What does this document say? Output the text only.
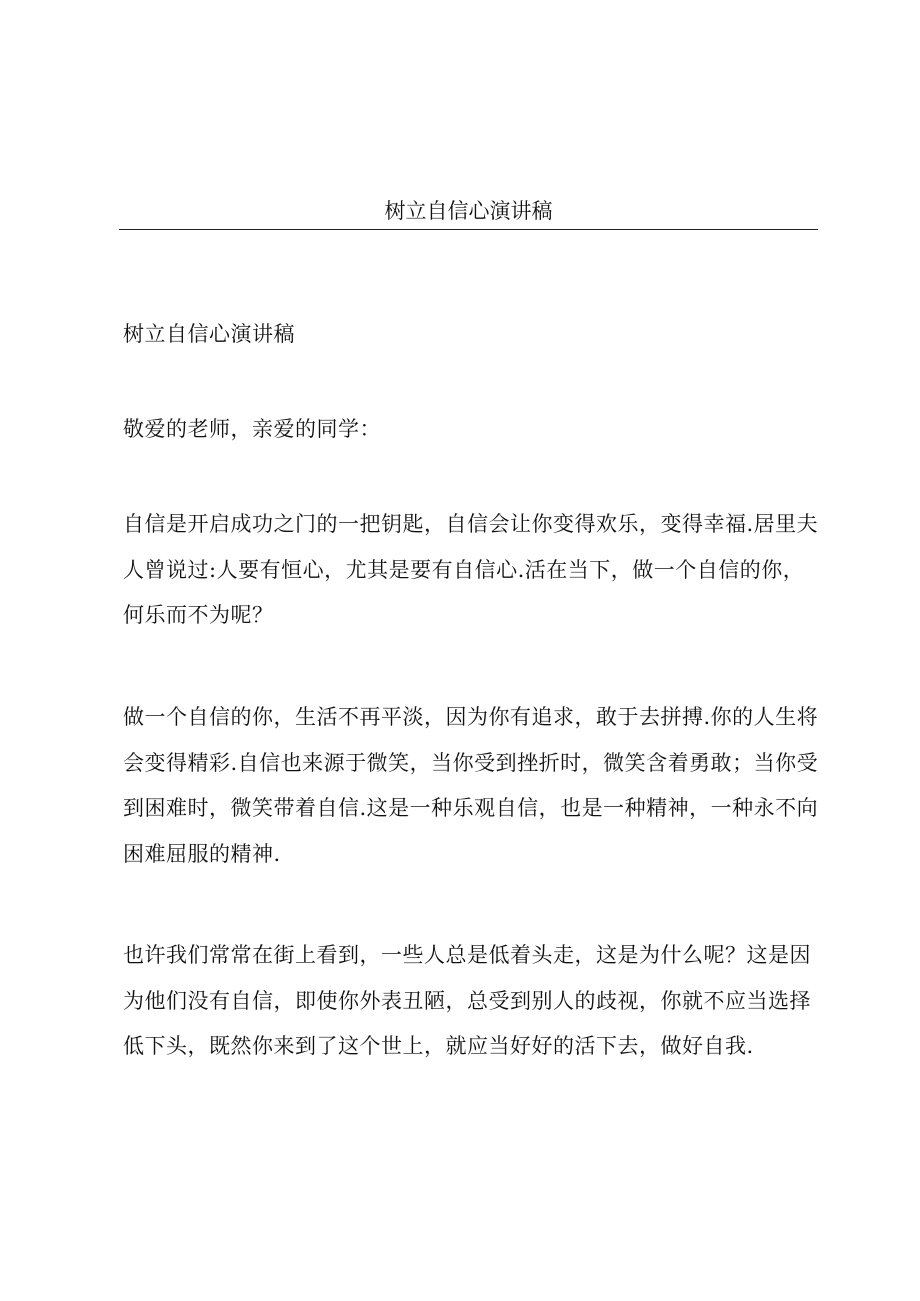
树立自信心演讲稿

树立自信心演讲稿

敬爱的老师，亲爱的同学：

自信是开启成功之门的一把钥匙，自信会让你变得欢乐，变得幸福.居里夫人曾说过:人要有恒心，尤其是要有自信心.活在当下，做一个自信的你，何乐而不为呢？

做一个自信的你，生活不再平淡，因为你有追求，敢于去拼搏.你的人生将会变得精彩.自信也来源于微笑，当你受到挫折时，微笑含着勇敢；当你受到困难时，微笑带着自信.这是一种乐观自信，也是一种精神，一种永不向困难屈服的精神.

也许我们常常在街上看到，一些人总是低着头走，这是为什么呢？这是因为他们没有自信，即使你外表丑陋，总受到别人的歧视，你就不应当选择低下头，既然你来到了这个世上，就应当好好的活下去，做好自我.
